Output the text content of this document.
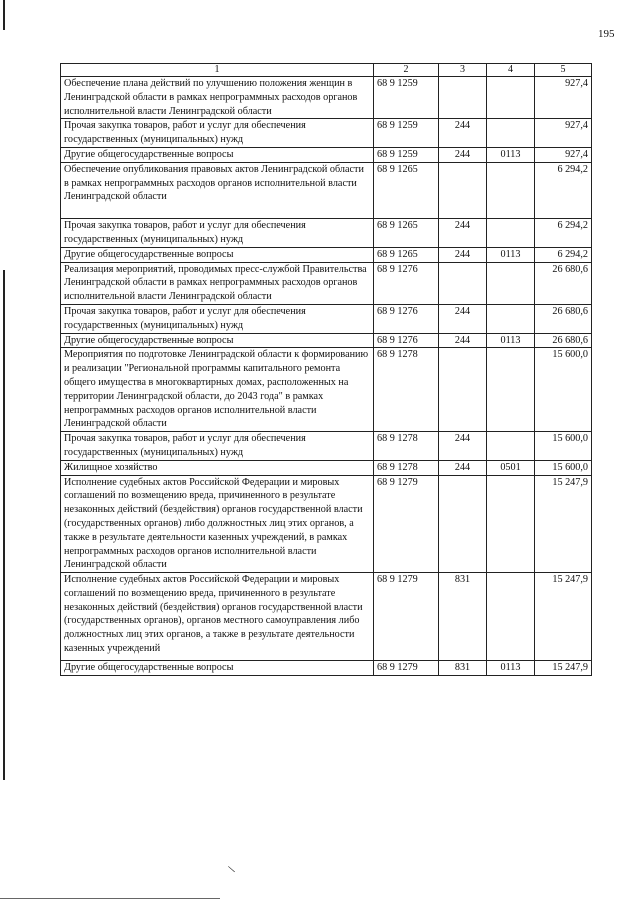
195
1	2	3	4	5
Обеспечение плана действий по улучшению положения женщин в Ленинградской области в рамках непрограммных расходов органов исполнительной власти Ленинградской области	68 9 1259			927,4
Прочая закупка товаров, работ и услуг для обеспечения государственных (муниципальных) нужд	68 9 1259	244		927,4
Другие общегосударственные вопросы	68 9 1259	244	0113	927,4
Обеспечение опубликования правовых актов Ленинградской области в рамках непрограммных расходов органов исполнительной власти Ленинградской области	68 9 1265			6 294,2
Прочая закупка товаров, работ и услуг для обеспечения государственных (муниципальных) нужд	68 9 1265	244		6 294,2
Другие общегосударственные вопросы	68 9 1265	244	0113	6 294,2
Реализация мероприятий, проводимых пресс-службой Правительства Ленинградской области в рамках непрограммных расходов органов исполнительной власти Ленинградской области	68 9 1276			26 680,6
Прочая закупка товаров, работ и услуг для обеспечения государственных (муниципальных) нужд	68 9 1276	244		26 680,6
Другие общегосударственные вопросы	68 9 1276	244	0113	26 680,6
Мероприятия по подготовке Ленинградской области к формированию и реализации "Региональной программы капитального ремонта общего имущества в многоквартирных домах, расположенных на территории Ленинградской области, до 2043 года" в рамках непрограммных расходов органов исполнительной власти Ленинградской области	68 9 1278			15 600,0
Прочая закупка товаров, работ и услуг для обеспечения государственных (муниципальных) нужд	68 9 1278	244		15 600,0
Жилищное хозяйство	68 9 1278	244	0501	15 600,0
Исполнение судебных актов Российской Федерации и мировых соглашений по возмещению вреда, причиненного в результате незаконных действий (бездействия) органов государственной власти (государственных органов) либо должностных лиц этих органов, а также в результате деятельности казенных учреждений, в рамках непрограммных расходов органов исполнительной власти Ленинградской области	68 9 1279			15 247,9
Исполнение судебных актов Российской Федерации и мировых соглашений по возмещению вреда, причиненного в результате незаконных действий (бездействия) органов государственной власти (государственных органов), органов местного самоуправления либо должностных лиц этих органов, а также в результате деятельности казенных учреждений	68 9 1279	831		15 247,9
Другие общегосударственные вопросы	68 9 1279	831	0113	15 247,9
\
